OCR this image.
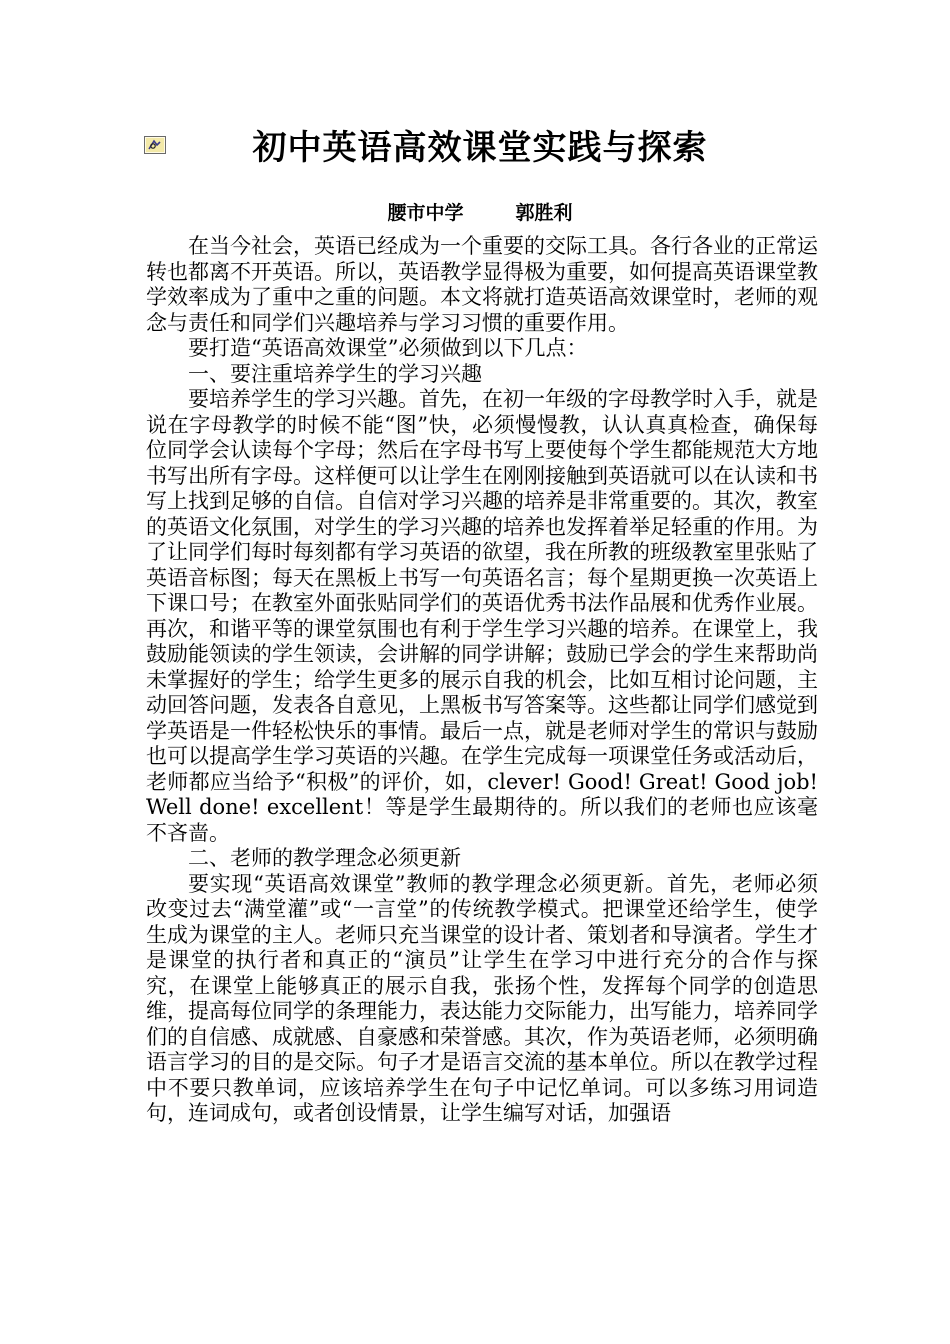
初中英语高效课堂实践与探索
腰市中学	郭胜利

在当今社会，英语已经成为一个重要的交际工具。各行各业的正常运转也都离不开英语。所以，英语教学显得极为重要，如何提高英语课堂教学效率成为了重中之重的问题。本文将就打造英语高效课堂时，老师的观念与责任和同学们兴趣培养与学习习惯的重要作用。

要打造“英语高效课堂”必须做到以下几点：

一、要注重培养学生的学习兴趣

要培养学生的学习兴趣。首先，在初一年级的字母教学时入手，就是说在字母教学的时候不能“图”快，必须慢慢教，认认真真检查，确保每位同学会认读每个字母；然后在字母书写上要使每个学生都能规范大方地书写出所有字母。这样便可以让学生在刚刚接触到英语就可以在认读和书写上找到足够的自信。自信对学习兴趣的培养是非常重要的。其次，教室的英语文化氛围，对学生的学习兴趣的培养也发挥着举足轻重的作用。为了让同学们每时每刻都有学习英语的欲望，我在所教的班级教室里张贴了英语音标图；每天在黑板上书写一句英语名言；每个星期更换一次英语上下课口号；在教室外面张贴同学们的英语优秀书法作品展和优秀作业展。再次，和谐平等的课堂氛围也有利于学生学习兴趣的培养。在课堂上，我鼓励能领读的学生领读，会讲解的同学讲解；鼓励已学会的学生来帮助尚未掌握好的学生；给学生更多的展示自我的机会，比如互相讨论问题，主动回答问题，发表各自意见，上黑板书写答案等。这些都让同学们感觉到学英语是一件轻松快乐的事情。最后一点，就是老师对学生的常识与鼓励也可以提高学生学习英语的兴趣。在学生完成每一项课堂任务或活动后，老师都应当给予“积极”的评价，如，clever! Good! Great! Good job! Well done! excellent！等是学生最期待的。所以我们的老师也应该毫不吝啬。

二、老师的教学理念必须更新

要实现“英语高效课堂”教师的教学理念必须更新。首先，老师必须改变过去“满堂灌”或“一言堂”的传统教学模式。把课堂还给学生，使学生成为课堂的主人。老师只充当课堂的设计者、策划者和导演者。学生才是课堂的执行者和真正的“演员”让学生在学习中进行充分的合作与探究，在课堂上能够真正的展示自我，张扬个性，发挥每个同学的创造思维，提高每位同学的条理能力，表达能力交际能力，出写能力，培养同学们的自信感、成就感、自豪感和荣誉感。其次，作为英语老师，必须明确语言学习的目的是交际。句子才是语言交流的基本单位。所以在教学过程中不要只教单词，应该培养学生在句子中记忆单词。可以多练习用词造句，连词成句，或者创设情景，让学生编写对话，加强语
